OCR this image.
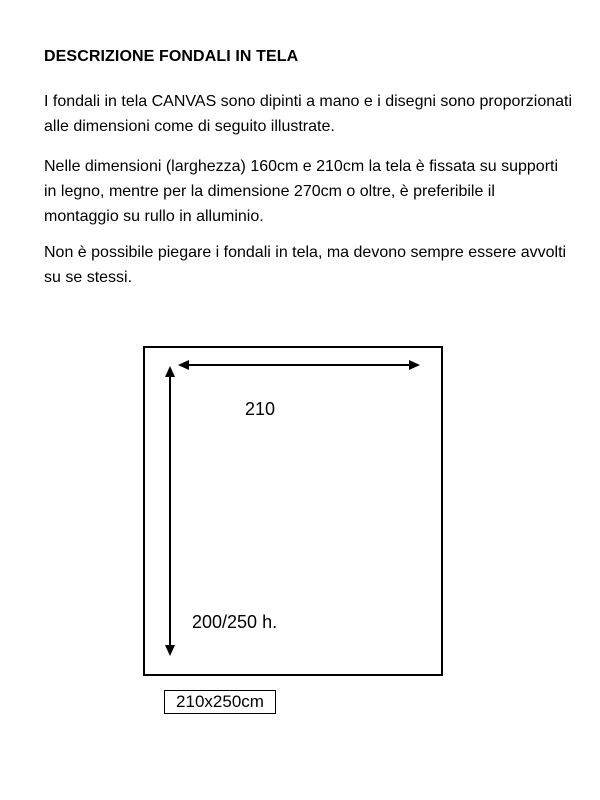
DESCRIZIONE FONDALI IN TELA

I fondali in tela CANVAS sono dipinti a mano e i disegni sono proporzionati alle dimensioni come di seguito illustrate.

Nelle dimensioni (larghezza) 160cm e 210cm la tela è fissata su supporti in legno, mentre per la dimensione 270cm o oltre, è preferibile il montaggio su rullo in alluminio.

Non è possibile piegare i fondali in tela, ma devono sempre essere avvolti su se stessi.

210
200/250 h.
210x250cm
